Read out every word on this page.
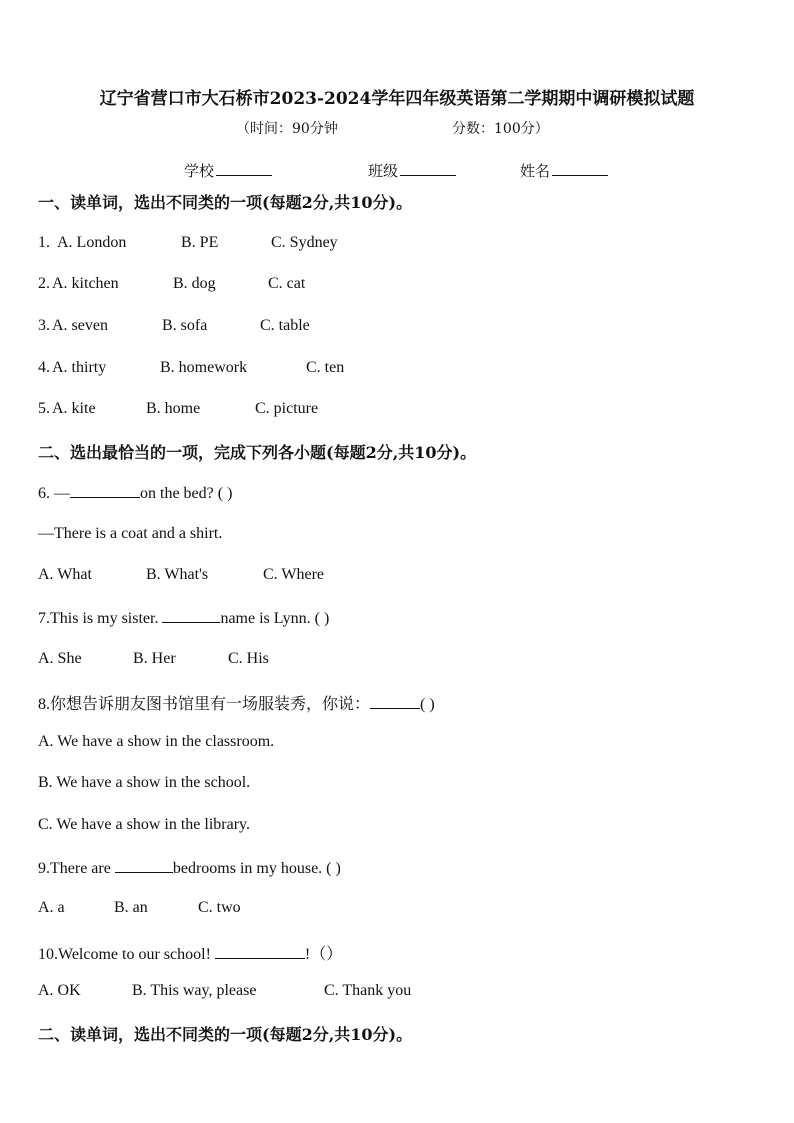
辽宁省营口市大石桥市2023-2024学年四年级英语第二学期期中调研模拟试题
（时间：90分钟	分数：100分）
学校	班级	姓名
一、读单词，选出不同类的一项(每题2分,共10分)。
1. A. London	B. PE	C. Sydney
2. A. kitchen	B. dog	C. cat
3. A. seven	B. sofa	C. table
4. A. thirty	B. homework	C. ten
5. A. kite	B. home	C. picture
二、选出最恰当的一项，完成下列各小题(每题2分,共10分)。
6. —	on the bed? ( )
—There is a coat and a shirt.
A. What	B. What's	C. Where
7.This is my sister.	name is Lynn. ( )
A. She	B. Her	C. His
8.你想告诉朋友图书馆里有一场服装秀，你说：	( )
A. We have a show in the classroom.
B. We have a show in the school.
C. We have a show in the library.
9.There are	bedrooms in my house. ( )
A. a	B. an	C. two
10.Welcome to our school!	!（）
A. OK	B. This way, please	C. Thank you
二、读单词，选出不同类的一项(每题2分,共10分)。
